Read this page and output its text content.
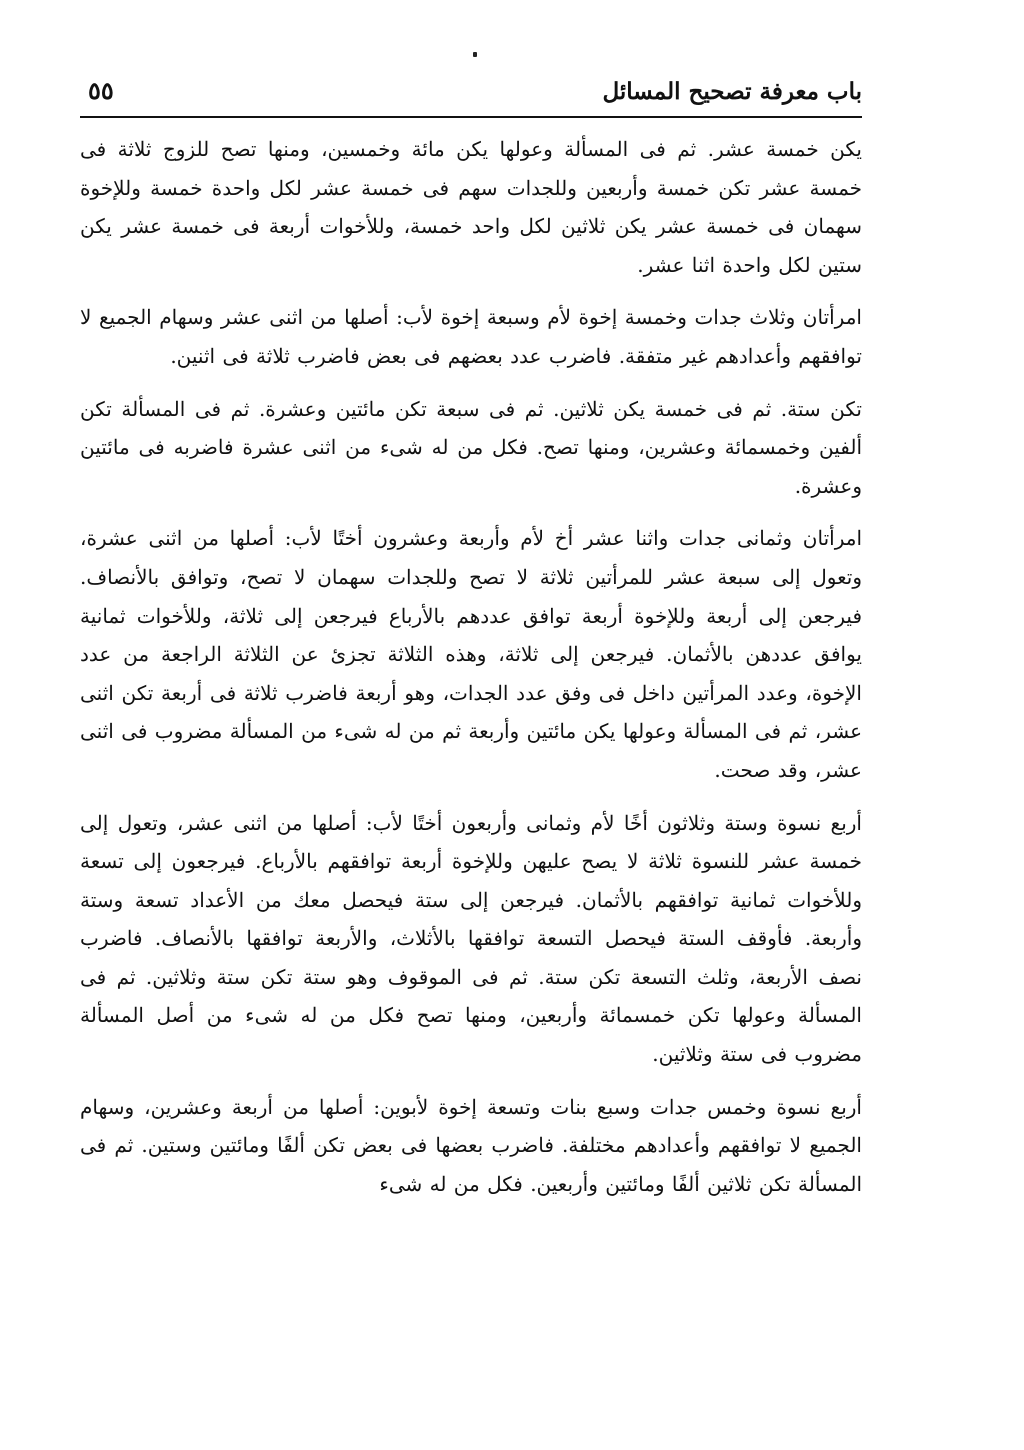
باب معرفة تصحيح المسائل
٥٥

يكن خمسة عشر. ثم فى المسألة وعولها يكن مائة وخمسين، ومنها تصح للزوج ثلاثة فى خمسة عشر تكن خمسة وأربعين وللجدات سهم فى خمسة عشر لكل واحدة خمسة وللإخوة سهمان فى خمسة عشر يكن ثلاثين لكل واحد خمسة، وللأخوات أربعة فى خمسة عشر يكن ستين لكل واحدة اثنا عشر.

امرأتان وثلاث جدات وخمسة إخوة لأم وسبعة إخوة لأب: أصلها من اثنى عشر وسهام الجميع لا توافقهم وأعدادهم غير متفقة. فاضرب عدد بعضهم فى بعض فاضرب ثلاثة فى اثنين.

تكن ستة. ثم فى خمسة يكن ثلاثين. ثم فى سبعة تكن مائتين وعشرة. ثم فى المسألة تكن ألفين وخمسمائة وعشرين، ومنها تصح. فكل من له شىء من اثنى عشرة فاضربه فى مائتين وعشرة.

امرأتان وثمانى جدات واثنا عشر أخ لأم وأربعة وعشرون أختًا لأب: أصلها من اثنى عشرة، وتعول إلى سبعة عشر للمرأتين ثلاثة لا تصح وللجدات سهمان لا تصح، وتوافق بالأنصاف. فيرجعن إلى أربعة وللإخوة أربعة توافق عددهم بالأرباع فيرجعن إلى ثلاثة، وللأخوات ثمانية يوافق عددهن بالأثمان. فيرجعن إلى ثلاثة، وهذه الثلاثة تجزئ عن الثلاثة الراجعة من عدد الإخوة، وعدد المرأتين داخل فى وفق عدد الجدات، وهو أربعة فاضرب ثلاثة فى أربعة تكن اثنى عشر، ثم فى المسألة وعولها يكن مائتين وأربعة ثم من له شىء من المسألة مضروب فى اثنى عشر، وقد صحت.

أربع نسوة وستة وثلاثون أخًا لأم وثمانى وأربعون أختًا لأب: أصلها من اثنى عشر، وتعول إلى خمسة عشر للنسوة ثلاثة لا يصح عليهن وللإخوة أربعة توافقهم بالأرباع. فيرجعون إلى تسعة وللأخوات ثمانية توافقهم بالأثمان. فيرجعن إلى ستة فيحصل معك من الأعداد تسعة وستة وأربعة. فأوقف الستة فيحصل التسعة توافقها بالأثلاث، والأربعة توافقها بالأنصاف. فاضرب نصف الأربعة، وثلث التسعة تكن ستة. ثم فى الموقوف وهو ستة تكن ستة وثلاثين. ثم فى المسألة وعولها تكن خمسمائة وأربعين، ومنها تصح فكل من له شىء من أصل المسألة مضروب فى ستة وثلاثين.

أربع نسوة وخمس جدات وسبع بنات وتسعة إخوة لأبوين: أصلها من أربعة وعشرين، وسهام الجميع لا توافقهم وأعدادهم مختلفة. فاضرب بعضها فى بعض تكن ألفًا ومائتين وستين. ثم فى المسألة تكن ثلاثين ألفًا ومائتين وأربعين. فكل من له شىء
